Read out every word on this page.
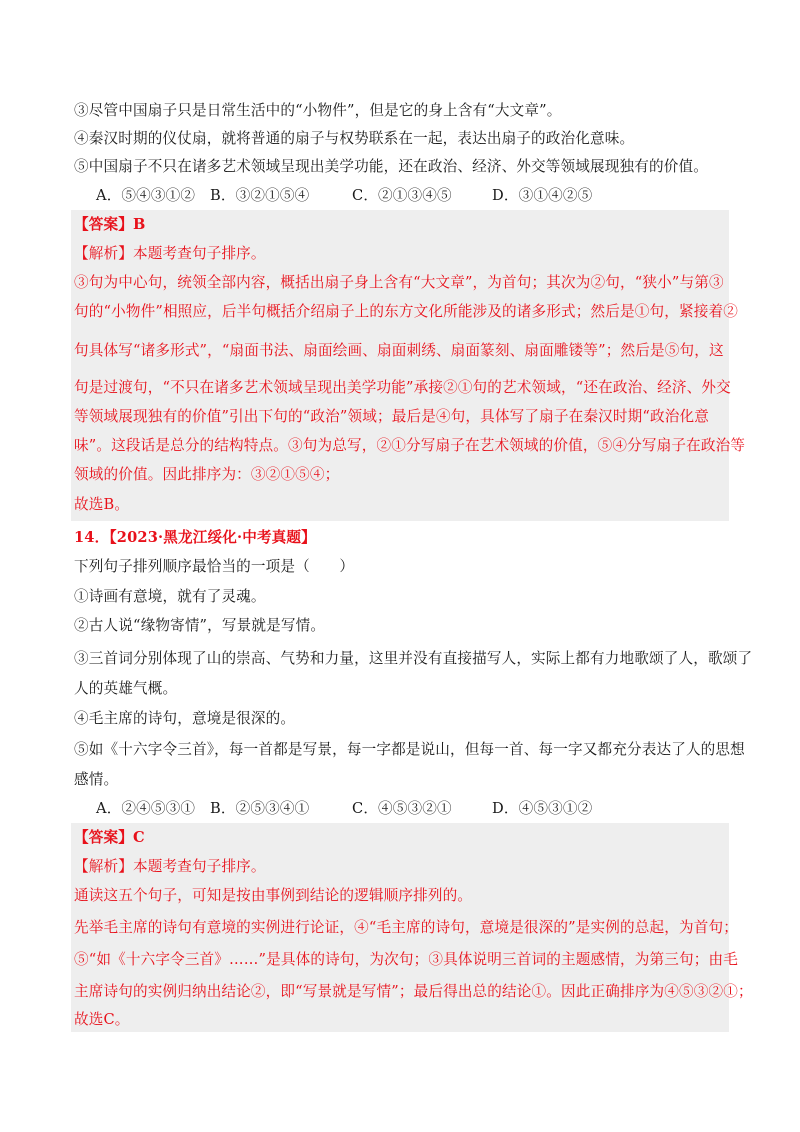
③尽管中国扇子只是日常生活中的“小物件”，但是它的身上含有“大文章”。
④秦汉时期的仪仗扇，就将普通的扇子与权势联系在一起，表达出扇子的政治化意味。
⑤中国扇子不只在诸多艺术领域呈现出美学功能，还在政治、经济、外交等领域展现独有的价值。
A．⑤④③①② B．③②①⑤④	C．②①③④⑤	D．③①④②⑤
【答案】B
【解析】本题考查句子排序。
③句为中心句，统领全部内容，概括出扇子身上含有“大文章”，为首句；其次为②句，“狭小”与第③
句的“小物件”相照应，后半句概括介绍扇子上的东方文化所能涉及的诸多形式；然后是①句，紧接着②
句具体写“诸多形式”，“扇面书法、扇面绘画、扇面刺绣、扇面篆刻、扇面雕镂等”；然后是⑤句，这
句是过渡句，“不只在诸多艺术领域呈现出美学功能”承接②①句的艺术领域，“还在政治、经济、外交
等领域展现独有的价值”引出下句的“政治”领域；最后是④句，具体写了扇子在秦汉时期“政治化意
味”。这段话是总分的结构特点。③句为总写，②①分写扇子在艺术领域的价值，⑤④分写扇子在政治等
领域的价值。因此排序为：③②①⑤④；
故选B。
14．【2023·黑龙江绥化·中考真题】
下列句子排列顺序最恰当的一项是（　　）
①诗画有意境，就有了灵魂。
②古人说“缘物寄情”，写景就是写情。
③三首词分别体现了山的崇高、气势和力量，这里并没有直接描写人，实际上都有力地歌颂了人，歌颂了
人的英雄气概。
④毛主席的诗句，意境是很深的。
⑤如《十六字令三首》，每一首都是写景，每一字都是说山，但每一首、每一字又都充分表达了人的思想
感情。
A．②④⑤③① B．②⑤③④①	C．④⑤③②①	D．④⑤③①②
【答案】C
【解析】本题考查句子排序。
通读这五个句子，可知是按由事例到结论的逻辑顺序排列的。
先举毛主席的诗句有意境的实例进行论证，④“毛主席的诗句，意境是很深的”是实例的总起，为首句；
⑤“如《十六字令三首》……”是具体的诗句，为次句；③具体说明三首词的主题感情，为第三句；由毛
主席诗句的实例归纳出结论②，即“写景就是写情”；最后得出总的结论①。因此正确排序为④⑤③②①；
故选C。
